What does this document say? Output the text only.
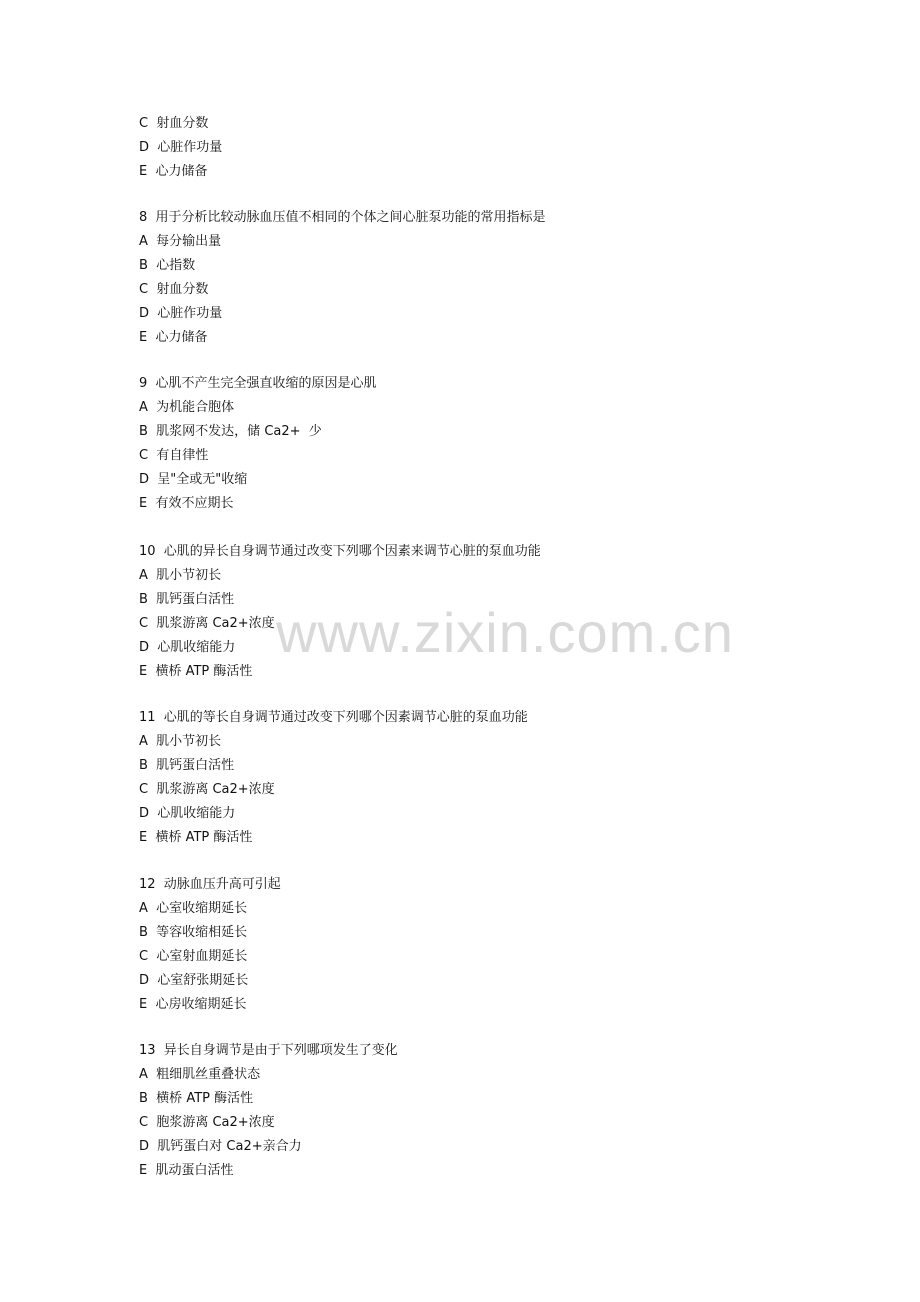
C  射血分数
D  心脏作功量
E  心力储备
8  用于分析比较动脉血压值不相同的个体之间心脏泵功能的常用指标是
A  每分输出量
B  心指数
C  射血分数
D  心脏作功量
E  心力储备
9  心肌不产生完全强直收缩的原因是心肌
A  为机能合胞体
B  肌浆网不发达，储 Ca2+  少
C  有自律性
D  呈"全或无"收缩
E  有效不应期长
10  心肌的异长自身调节通过改变下列哪个因素来调节心脏的泵血功能
A  肌小节初长
B  肌钙蛋白活性
C  肌浆游离 Ca2+浓度
D  心肌收缩能力
E  横桥 ATP 酶活性
11  心肌的等长自身调节通过改变下列哪个因素调节心脏的泵血功能
A  肌小节初长
B  肌钙蛋白活性
C  肌浆游离 Ca2+浓度
D  心肌收缩能力
E  横桥 ATP 酶活性
12  动脉血压升高可引起
A  心室收缩期延长
B  等容收缩相延长
C  心室射血期延长
D  心室舒张期延长
E  心房收缩期延长
13  异长自身调节是由于下列哪项发生了变化
A  粗细肌丝重叠状态
B  横桥 ATP 酶活性
C  胞浆游离 Ca2+浓度
D  肌钙蛋白对 Ca2+亲合力
E  肌动蛋白活性
www.zixin.com.cn
